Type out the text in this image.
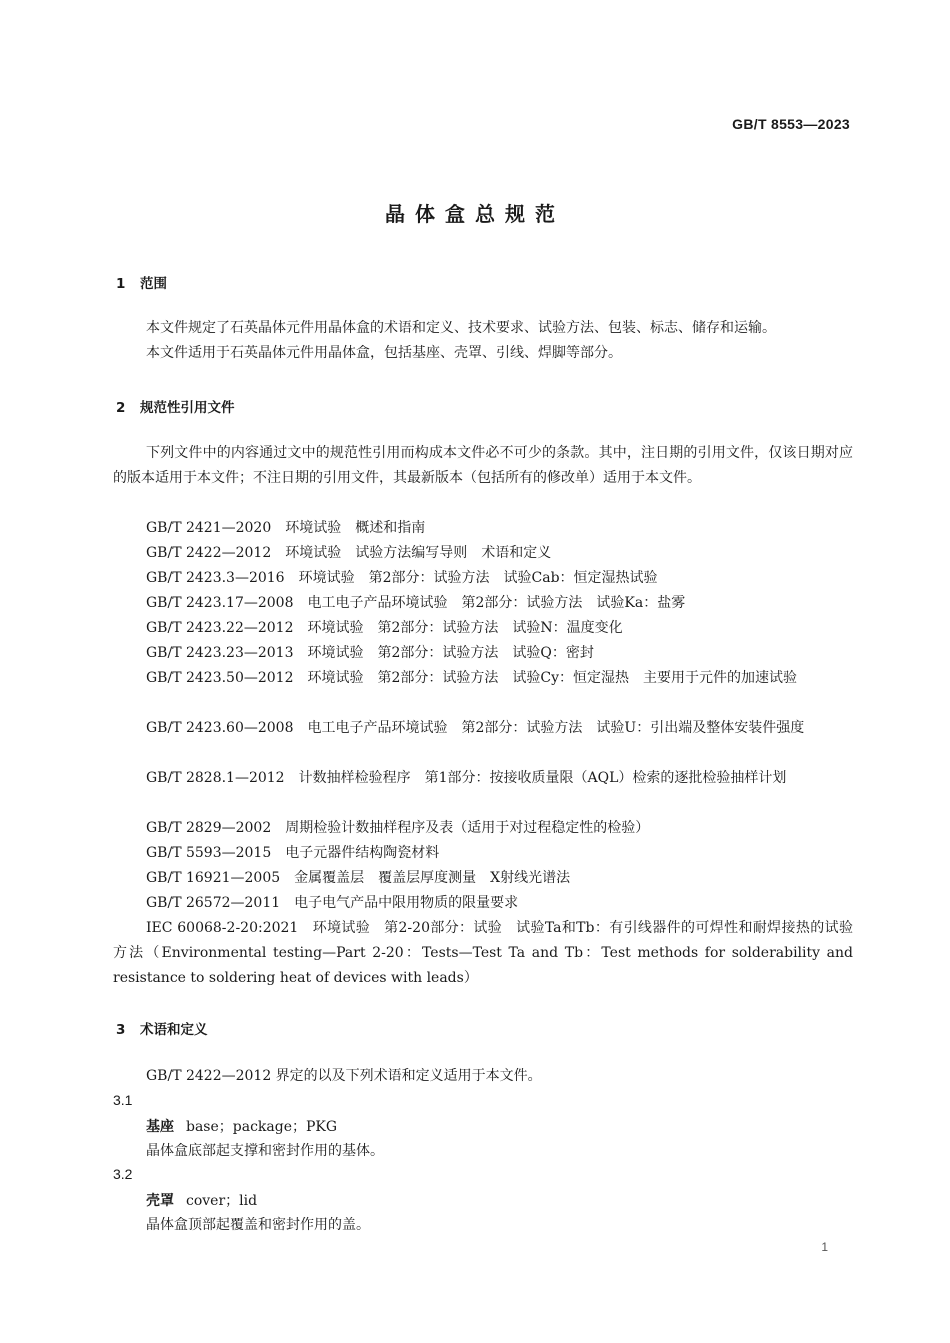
GB/T 8553—2023
晶体盒总规范
1 范围

本文件规定了石英晶体元件用晶体盒的术语和定义、技术要求、试验方法、包装、标志、储存和运输。

本文件适用于石英晶体元件用晶体盒，包括基座、壳罩、引线、焊脚等部分。

2 规范性引用文件

下列文件中的内容通过文中的规范性引用而构成本文件必不可少的条款。其中，注日期的引用文件，仅该日期对应的版本适用于本文件；不注日期的引用文件，其最新版本（包括所有的修改单）适用于本文件。

GB/T 2421—2020 环境试验 概述和指南

GB/T 2422—2012 环境试验 试验方法编写导则 术语和定义

GB/T 2423.3—2016 环境试验 第2部分：试验方法 试验Cab：恒定湿热试验

GB/T 2423.17—2008 电工电子产品环境试验 第2部分：试验方法 试验Ka：盐雾

GB/T 2423.22—2012 环境试验 第2部分：试验方法 试验N：温度变化

GB/T 2423.23—2013 环境试验 第2部分：试验方法 试验Q：密封

GB/T 2423.50—2012 环境试验 第2部分：试验方法 试验Cy：恒定湿热　主要用于元件的加速试验

GB/T 2423.60—2008 电工电子产品环境试验 第2部分：试验方法 试验U：引出端及整体安装件强度

GB/T 2828.1—2012 计数抽样检验程序 第1部分：按接收质量限（AQL）检索的逐批检验抽样计划

GB/T 2829—2002 周期检验计数抽样程序及表（适用于对过程稳定性的检验）

GB/T 5593—2015 电子元器件结构陶瓷材料

GB/T 16921—2005 金属覆盖层 覆盖层厚度测量 X射线光谱法

GB/T 26572—2011 电子电气产品中限用物质的限量要求

IEC 60068-2-20:2021 环境试验 第2-20部分：试验 试验Ta和Tb：有引线器件的可焊性和耐焊接热的试验方法（Environmental testing—Part 2-20：Tests—Test Ta and Tb：Test methods for solderability and resistance to soldering heat of devices with leads）

3 术语和定义

GB/T 2422—2012 界定的以及下列术语和定义适用于本文件。

3.1
基座 base；package；PKG
晶体盒底部起支撑和密封作用的基体。
3.2
壳罩 cover；lid
晶体盒顶部起覆盖和密封作用的盖。
1
